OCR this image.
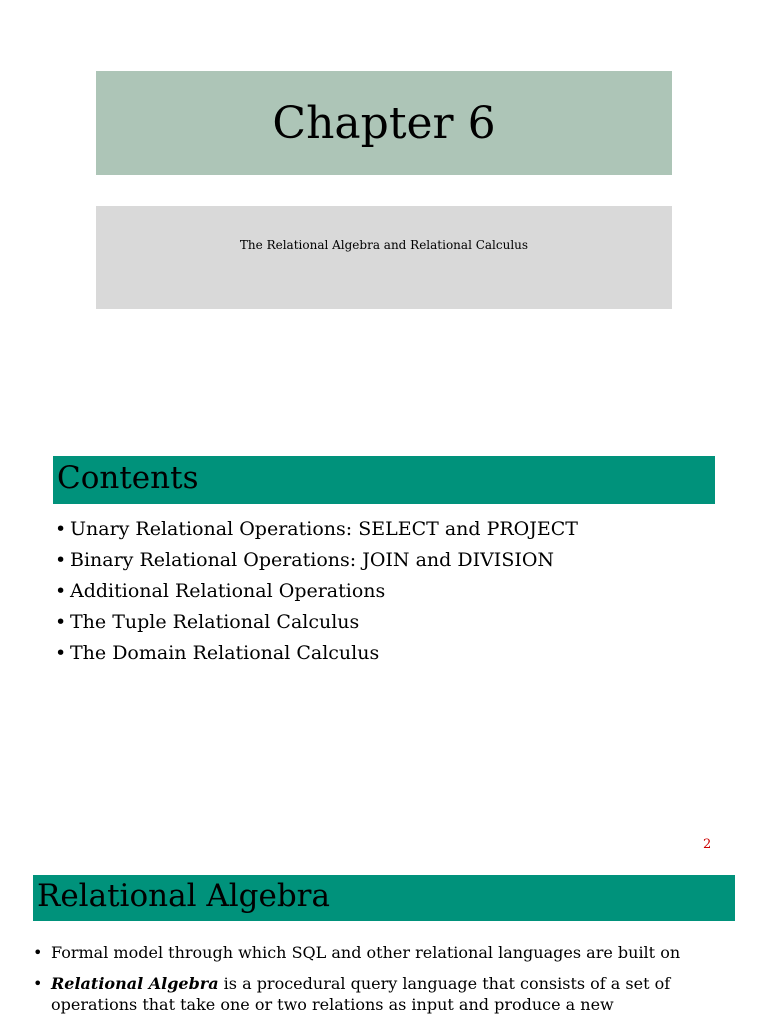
Chapter 6
The Relational Algebra and Relational Calculus
Contents
• Unary Relational Operations: SELECT and PROJECT
• Binary Relational Operations: JOIN and DIVISION
• Additional Relational Operations
• The Tuple Relational Calculus
• The Domain Relational Calculus
2
Relational Algebra
• Formal model through which SQL and other relational languages are built on
• Relational Algebra is a procedural query language that consists of a set of operations that take one or two relations as input and produce a new
